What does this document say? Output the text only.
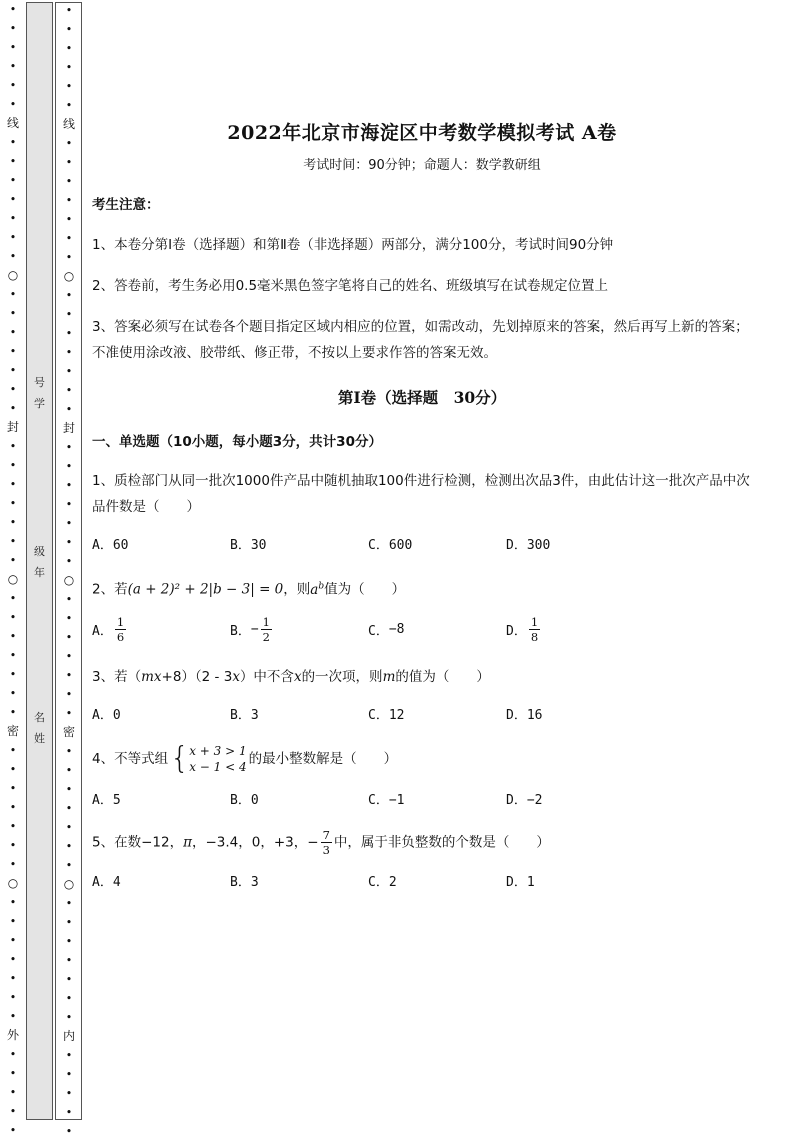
•
•
•
•
•
•
线
•
•
•
•
•
•
•
○
•
•
•
•
•
•
•
封
•
•
•
•
•
•
•
○
•
•
•
•
•
•
•
密
•
•
•
•
•
•
•
○
•
•
•
•
•
•
•
外
•
•
•
•
•
号
学
级
年
名
姓
•
•
•
•
•
•
线
•
•
•
•
•
•
•
○
•
•
•
•
•
•
•
封
•
•
•
•
•
•
•
○
•
•
•
•
•
•
•
密
•
•
•
•
•
•
•
○
•
•
•
•
•
•
•
内
•
•
•
•
•
2022年北京市海淀区中考数学模拟考试 A卷
考试时间：90分钟；命题人：数学教研组
考生注意：
1、本卷分第I卷（选择题）和第Ⅱ卷（非选择题）两部分，满分100分，考试时间90分钟
2、答卷前，考生务必用0.5毫米黑色签字笔将自己的姓名、班级填写在试卷规定位置上
3、答案必须写在试卷各个题目指定区域内相应的位置，如需改动，先划掉原来的答案，然后再写上新的答案；不准使用涂改液、胶带纸、修正带，不按以上要求作答的答案无效。
第I卷（选择题　30分）
一、单选题（10小题，每小题3分，共计30分）
1、质检部门从同一批次1000件产品中随机抽取100件进行检测，检测出次品3件，由此估计这一批次产品中次品件数是（　　）
A．60	B．30	C．600	D．300
2、若(a + 2)² + 2|b − 3| = 0，则$a^b$值为（　　）
A． $\frac{1}{6}$	B． − $\frac{1}{2}$	C． −8	D． $\frac{1}{8}$
3、若（mx+8）（2 - 3x）中不含x的一次项，则m的值为（　　）
A．0	B．3	C．12	D．16
4、不等式组 { x + 3 > 1
x − 1 < 4 的最小整数解是（　　）
A．5	B．0	C．−1	D．−2
5、在数−12，π，−3.4，0，+3，− $\frac{7}{3}$ 中，属于非负整数的个数是（　　）
A．4	B．3	C．2	D．1
